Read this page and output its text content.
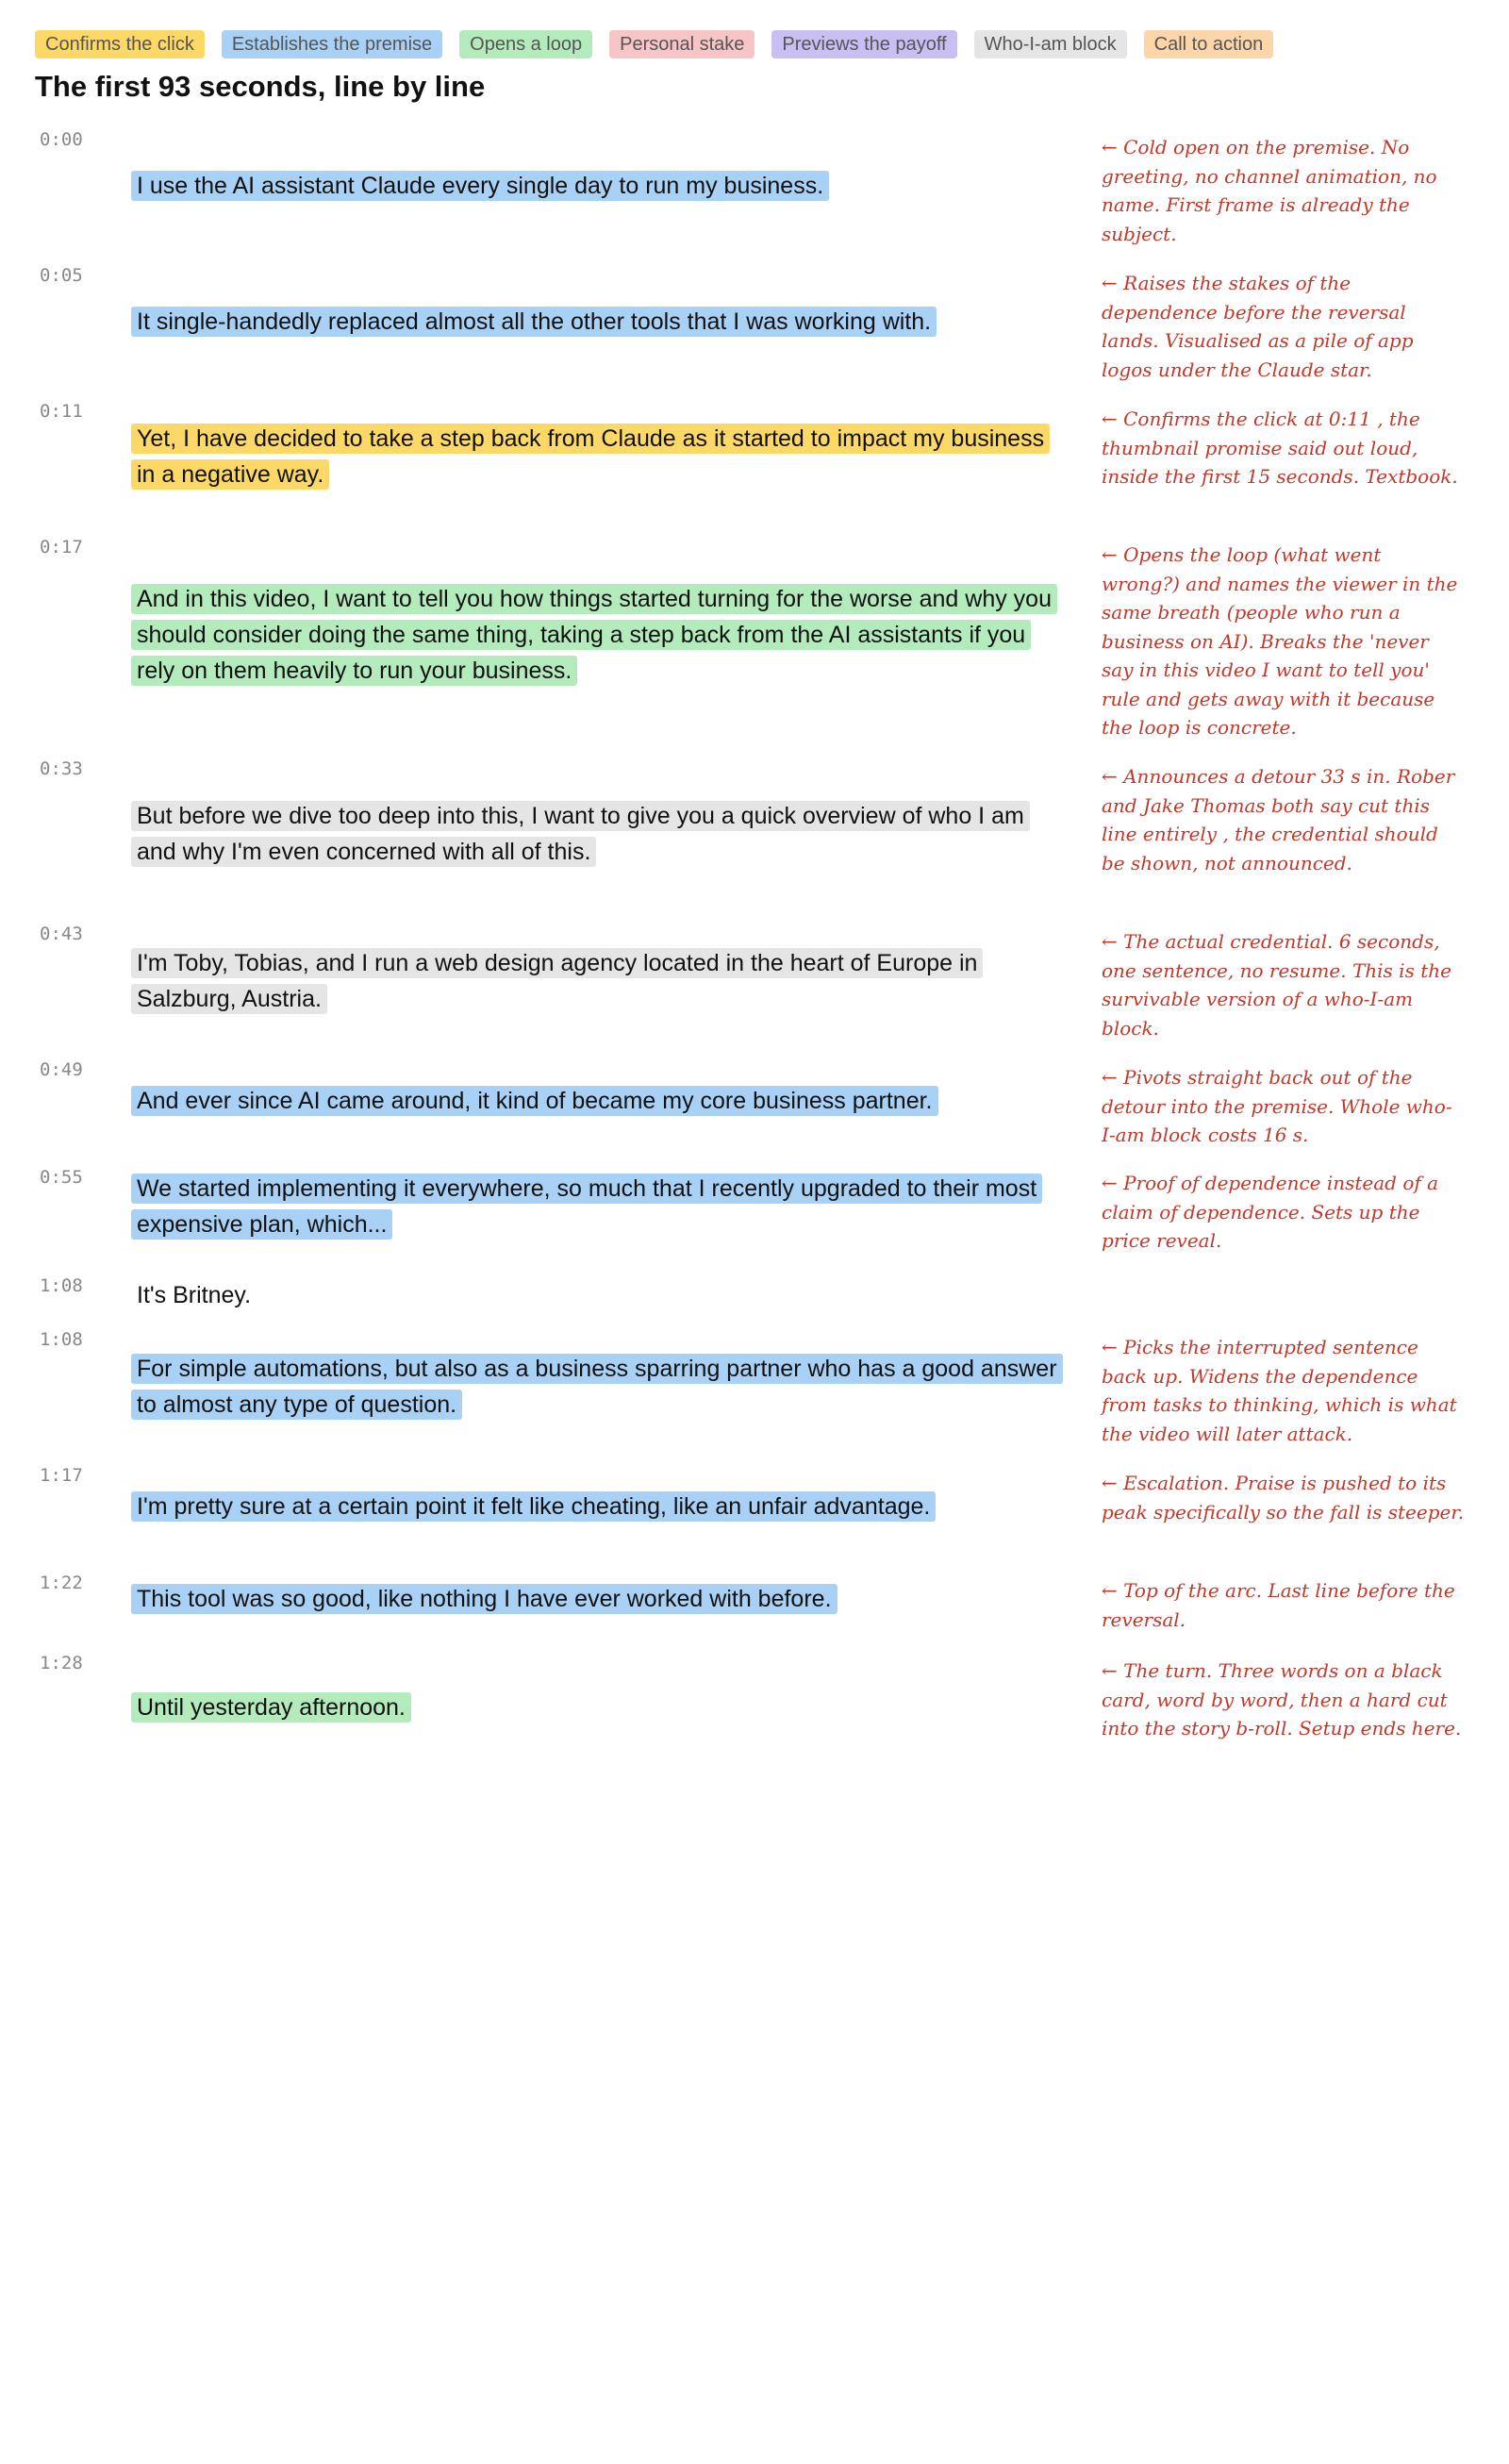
Confirms the click	Establishes the premise	Opens a loop	Personal stake	Previews the payoff	Who-I-am block	Call to action
The first 93 seconds, line by line
0:00

I use the AI assistant Claude every single day to run my business.

← Cold open on the premise. No greeting, no channel animation, no name. First frame is already the subject.
0:05

It single-handedly replaced almost all the other tools that I was working with.

← Raises the stakes of the dependence before the reversal lands. Visualised as a pile of app logos under the Claude star.
0:11

Yet, I have decided to take a step back from Claude as it started to impact my business in a negative way.

← Confirms the click at 0:11 , the thumbnail promise said out loud, inside the first 15 seconds. Textbook.
0:17

And in this video, I want to tell you how things started turning for the worse and why you should consider doing the same thing, taking a step back from the AI assistants if you rely on them heavily to run your business.

← Opens the loop (what went wrong?) and names the viewer in the same breath (people who run a business on AI). Breaks the 'never say in this video I want to tell you' rule and gets away with it because the loop is concrete.
0:33

But before we dive too deep into this, I want to give you a quick overview of who I am and why I'm even concerned with all of this.

← Announces a detour 33 s in. Rober and Jake Thomas both say cut this line entirely , the credential should be shown, not announced.
0:43

I'm Toby, Tobias, and I run a web design agency located in the heart of Europe in Salzburg, Austria.

← The actual credential. 6 seconds, one sentence, no resume. This is the survivable version of a who-I-am block.
0:49

And ever since AI came around, it kind of became my core business partner.

← Pivots straight back out of the detour into the premise. Whole who-I-am block costs 16 s.
0:55 We started implementing it everywhere, so much that I recently upgraded to their most expensive plan, which...

← Proof of dependence instead of a claim of dependence. Sets up the price reveal.
1:08 It's Britney.

1:08

For simple automations, but also as a business sparring partner who has a good answer to almost any type of question.

← Picks the interrupted sentence back up. Widens the dependence from tasks to thinking, which is what the video will later attack.
1:17

I'm pretty sure at a certain point it felt like cheating, like an unfair advantage.

← Escalation. Praise is pushed to its peak specifically so the fall is steeper.
1:22

This tool was so good, like nothing I have ever worked with before.	← Top of the arc. Last line before the reversal.
1:28

Until yesterday afternoon.

← The turn. Three words on a black card, word by word, then a hard cut into the story b-roll. Setup ends here.
